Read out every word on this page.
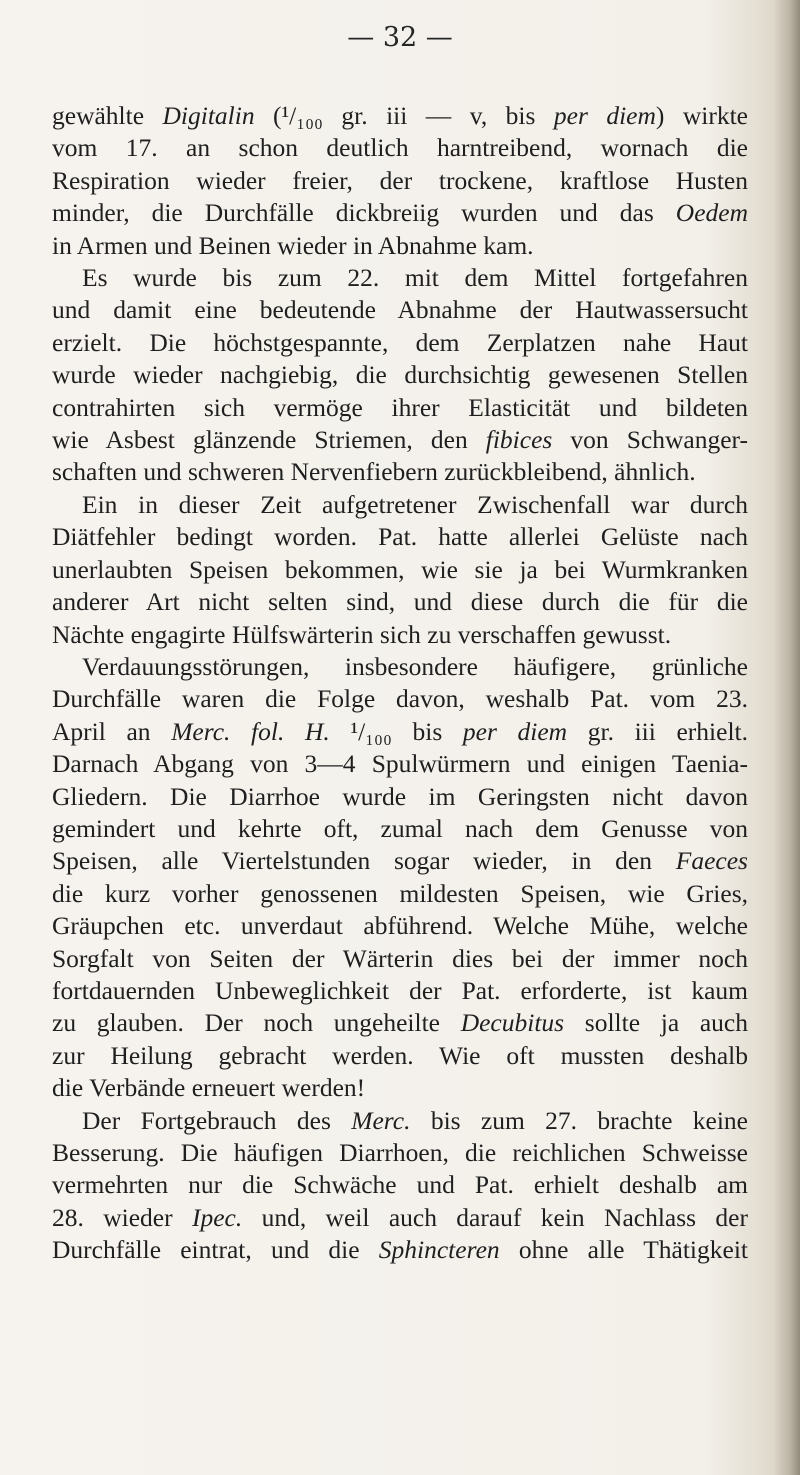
— 32 —

gewählte Digitalin (¹/₁₀₀ gr. iii — v, bis per diem) wirkte
vom 17. an schon deutlich harntreibend, wornach die
Respiration wieder freier, der trockene, kraftlose Husten
minder, die Durchfälle dickbreiig wurden und das Oedem
in Armen und Beinen wieder in Abnahme kam.

Es wurde bis zum 22. mit dem Mittel fortgefahren
und damit eine bedeutende Abnahme der Hautwassersucht
erzielt. Die höchstgespannte, dem Zerplatzen nahe Haut
wurde wieder nachgiebig, die durchsichtig gewesenen Stellen
contrahirten sich vermöge ihrer Elasticität und bildeten
wie Asbest glänzende Striemen, den fibices von Schwanger-
schaften und schweren Nervenfiebern zurückbleibend, ähnlich.

Ein in dieser Zeit aufgetretener Zwischenfall war durch
Diätfehler bedingt worden. Pat. hatte allerlei Gelüste nach
unerlaubten Speisen bekommen, wie sie ja bei Wurmkranken
anderer Art nicht selten sind, und diese durch die für die
Nächte engagirte Hülfswärterin sich zu verschaffen gewusst.

Verdauungsstörungen, insbesondere häufigere, grünliche
Durchfälle waren die Folge davon, weshalb Pat. vom 23.
April an Merc. fol. H. ¹/₁₀₀ bis per diem gr. iii erhielt.
Darnach Abgang von 3—4 Spulwürmern und einigen Taenia-
Gliedern. Die Diarrhoe wurde im Geringsten nicht davon
gemindert und kehrte oft, zumal nach dem Genusse von
Speisen, alle Viertelstunden sogar wieder, in den Faeces
die kurz vorher genossenen mildesten Speisen, wie Gries,
Gräupchen etc. unverdaut abführend. Welche Mühe, welche
Sorgfalt von Seiten der Wärterin dies bei der immer noch
fortdauernden Unbeweglichkeit der Pat. erforderte, ist kaum
zu glauben. Der noch ungeheilte Decubitus sollte ja auch
zur Heilung gebracht werden. Wie oft mussten deshalb
die Verbände erneuert werden!

Der Fortgebrauch des Merc. bis zum 27. brachte keine
Besserung. Die häufigen Diarrhoen, die reichlichen Schweisse
vermehrten nur die Schwäche und Pat. erhielt deshalb am
28. wieder Ipec. und, weil auch darauf kein Nachlass der
Durchfälle eintrat, und die Sphincteren ohne alle Thätigkeit
